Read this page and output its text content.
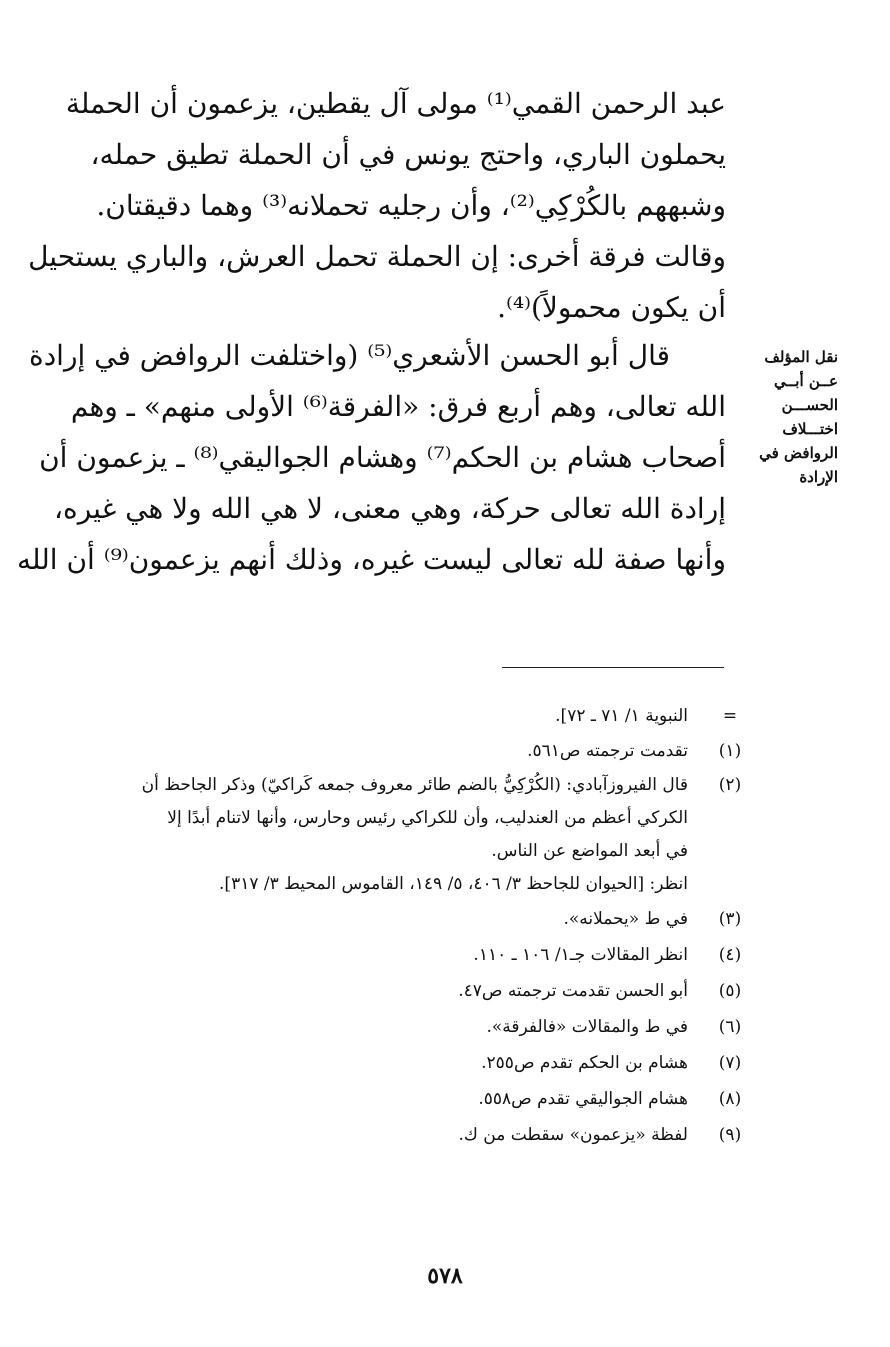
عبد الرحمن القمي⁽¹⁾ مولى آل يقطين، يزعمون أن الحملة
يحملون الباري، واحتج يونس في أن الحملة تطيق حمله،
وشبههم بالكُرْكِي⁽²⁾، وأن رجليه تحملانه⁽³⁾ وهما دقيقتان.
وقالت فرقة أخرى: إن الحملة تحمل العرش، والباري يستحيل
أن يكون محمولاً)⁽⁴⁾.
قال أبو الحسن الأشعري⁽⁵⁾ (واختلفت الروافض في إرادة
الله تعالى، وهم أربع فرق: «الفرقة⁽⁶⁾ الأولى منهم» ـ وهم
أصحاب هشام بن الحكم⁽⁷⁾ وهشام الجواليقي⁽⁸⁾ ـ يزعمون أن
إرادة الله تعالى حركة، وهي معنى، لا هي الله ولا هي غيره،
وأنها صفة لله تعالى ليست غيره، وذلك أنهم يزعمون⁽⁹⁾ أن الله
نقل المؤلف
عــن أبــي
الحســـن
اختـــلاف
الروافض في
الإرادة
=
النبوية ١/ ٧١ ـ ٧٢].
(١)
تقدمت ترجمته ص٥٦١.
(٢)
قال الفيروزآبادي: (الكُرْكِيُّ بالضم طائر معروف جمعه كَراكيّ) وذكر الجاحظ أن
الكركي أعظم من العندليب، وأن للكراكي رئيس وحارس، وأنها لاتنام أبدًا إلا
في أبعد المواضع عن الناس.
انظر: [الحيوان للجاحظ ٣/ ٤٠٦، ٥/ ١٤٩، القاموس المحيط ٣/ ٣١٧].
(٣)
في ط «يحملانه».
(٤)
انظر المقالات جـ١/ ١٠٦ ـ ١١٠.
(٥)
أبو الحسن تقدمت ترجمته ص٤٧.
(٦)
في ط والمقالات «فالفرقة».
(٧)
هشام بن الحكم تقدم ص٢٥٥.
(٨)
هشام الجواليقي تقدم ص٥٥٨.
(٩)
لفظة «يزعمون» سقطت من ك.
٥٧٨
